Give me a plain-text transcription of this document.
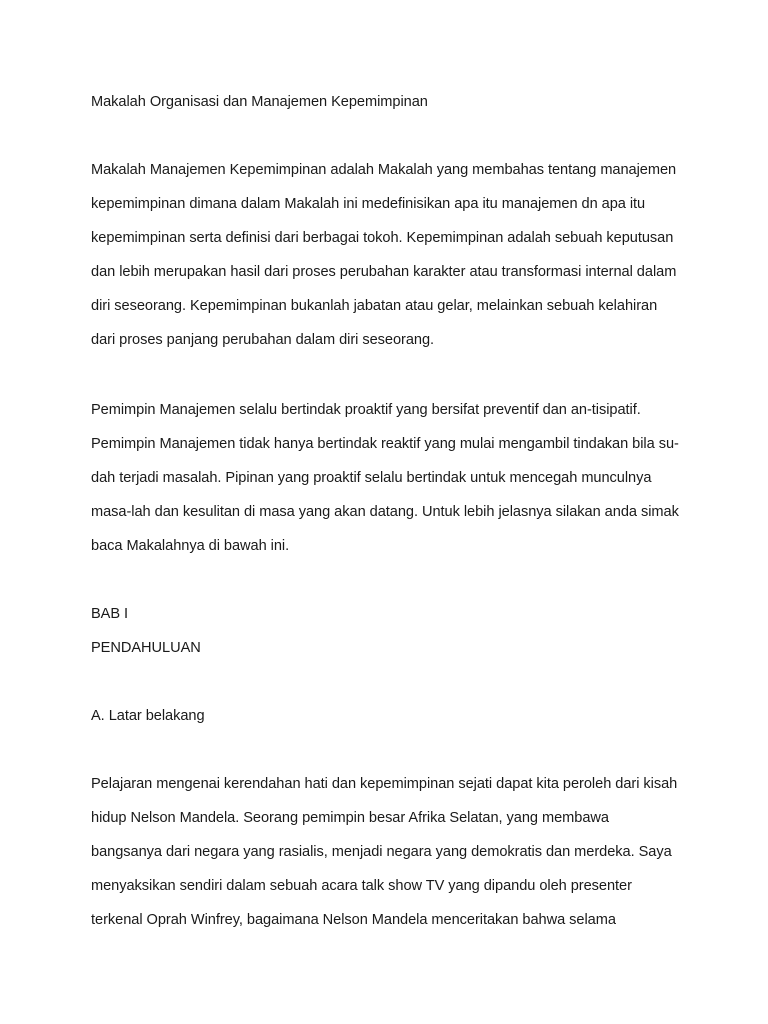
Makalah Organisasi dan Manajemen Kepemimpinan
Makalah Manajemen Kepemimpinan adalah Makalah yang membahas tentang manajemen
kepemimpinan dimana dalam Makalah ini medefinisikan apa itu manajemen dn apa itu
kepemimpinan serta definisi dari berbagai tokoh. Kepemimpinan adalah sebuah keputusan
dan lebih merupakan hasil dari proses perubahan karakter atau transformasi internal dalam
diri seseorang. Kepemimpinan bukanlah jabatan atau gelar, melainkan sebuah kelahiran
dari proses panjang perubahan dalam diri seseorang.
Pemimpin Manajemen selalu bertindak proaktif yang bersifat preventif dan an-tisipatif.
Pemimpin Manajemen tidak hanya bertindak reaktif yang mulai mengambil tindakan bila su-
dah terjadi masalah. Pipinan yang proaktif selalu bertindak untuk mencegah munculnya
masa-lah dan kesulitan di masa yang akan datang. Untuk lebih jelasnya silakan anda simak
baca Makalahnya di bawah ini.
BAB I
PENDAHULUAN
A. Latar belakang
Pelajaran mengenai kerendahan hati dan kepemimpinan sejati dapat kita peroleh dari kisah
hidup Nelson Mandela. Seorang pemimpin besar Afrika Selatan, yang membawa
bangsanya dari negara yang rasialis, menjadi negara yang demokratis dan merdeka. Saya
menyaksikan sendiri dalam sebuah acara talk show TV yang dipandu oleh presenter
terkenal Oprah Winfrey, bagaimana Nelson Mandela menceritakan bahwa selama
